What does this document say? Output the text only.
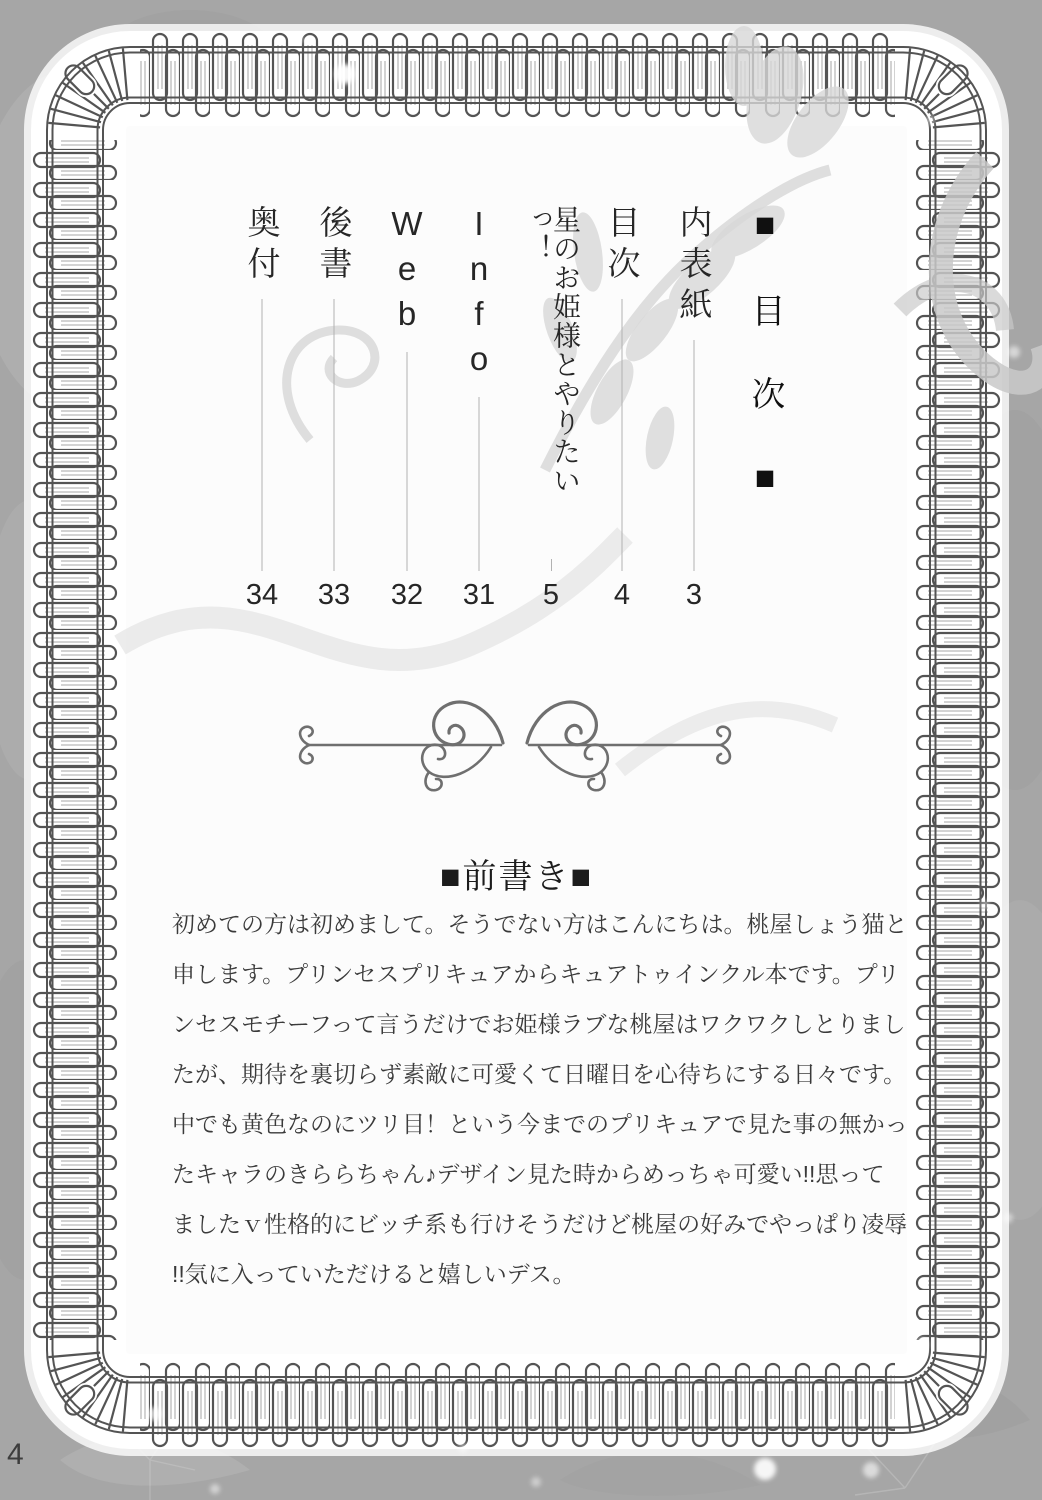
■目次■
内表紙
3
目次
4
星のお姫様とやりたいっ！
5
Info
31
Web
32
後書
33
奥付
34
■前書き■
初めての方は初めまして。そうでない方はこんにちは。桃屋しょう猫と
申します。プリンセスプリキュアからキュアトゥインクル本です。プリ
ンセスモチーフって言うだけでお姫様ラブな桃屋はワクワクしとりまし
たが、期待を裏切らず素敵に可愛くて日曜日を心待ちにする日々です。
中でも黄色なのにツリ目！という今までのプリキュアで見た事の無かっ
たキャラのきららちゃん♪デザイン見た時からめっちゃ可愛い!!思って
ましたｖ性格的にビッチ系も行けそうだけど桃屋の好みでやっぱり凌辱
!!気に入っていただけると嬉しいデス。
4
